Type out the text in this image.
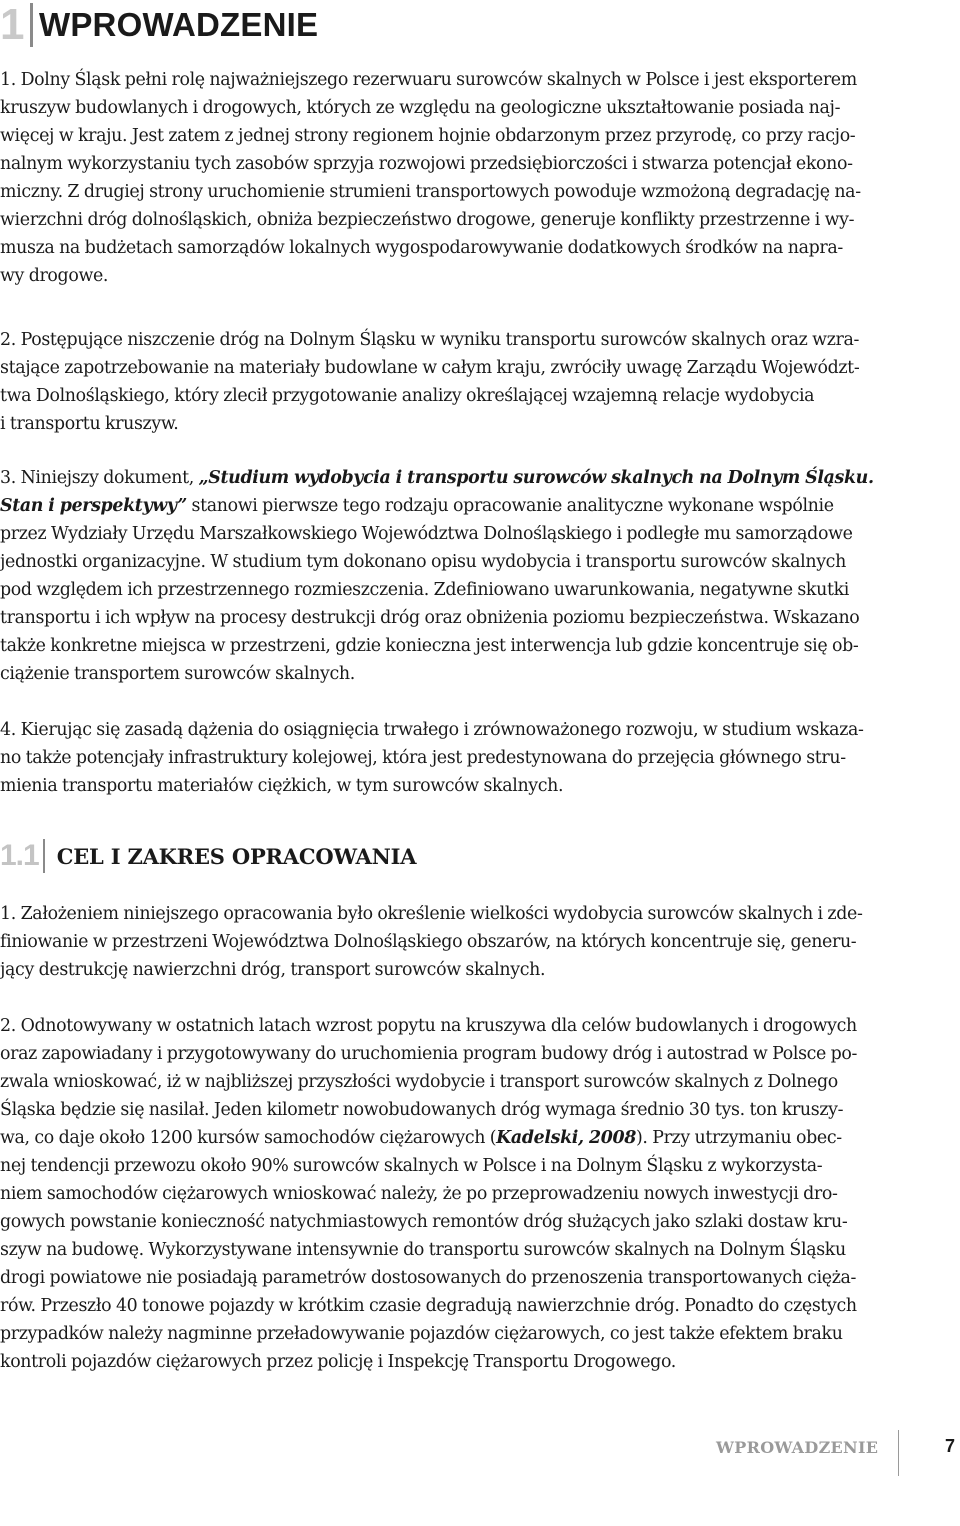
1 WPROWADZENIE
1. Dolny Śląsk pełni rolę najważniejszego rezerwuaru surowców skalnych w Polsce i jest eksporterem
kruszyw budowlanych i drogowych, których ze względu na geologiczne ukształtowanie posiada naj-
więcej w kraju. Jest zatem z jednej strony regionem hojnie obdarzonym przez przyrodę, co przy racjo-
nalnym wykorzystaniu tych zasobów sprzyja rozwojowi przedsiębiorczości i stwarza potencjał ekono-
miczny. Z drugiej strony uruchomienie strumieni transportowych powoduje wzmożoną degradację na-
wierzchni dróg dolnośląskich, obniża bezpieczeństwo drogowe, generuje konflikty przestrzenne i wy-
musza na budżetach samorządów lokalnych wygospodarowywanie dodatkowych środków na napra-
wy drogowe.
2. Postępujące niszczenie dróg na Dolnym Śląsku w wyniku transportu surowców skalnych oraz wzra-
stające zapotrzebowanie na materiały budowlane w całym kraju, zwróciły uwagę Zarządu Województ-
twa Dolnośląskiego, który zlecił przygotowanie analizy określającej wzajemną relacje wydobycia
i transportu kruszyw.
3. Niniejszy dokument, „Studium wydobycia i transportu surowców skalnych na Dolnym Śląsku.
Stan i perspektywy” stanowi pierwsze tego rodzaju opracowanie analityczne wykonane wspólnie
przez Wydziały Urzędu Marszałkowskiego Województwa Dolnośląskiego i podległe mu samorządowe
jednostki organizacyjne. W studium tym dokonano opisu wydobycia i transportu surowców skalnych
pod względem ich przestrzennego rozmieszczenia. Zdefiniowano uwarunkowania, negatywne skutki
transportu i ich wpływ na procesy destrukcji dróg oraz obniżenia poziomu bezpieczeństwa. Wskazano
także konkretne miejsca w przestrzeni, gdzie konieczna jest interwencja lub gdzie koncentruje się ob-
ciążenie transportem surowców skalnych.
4. Kierując się zasadą dążenia do osiągnięcia trwałego i zrównoważonego rozwoju, w studium wskaza-
no także potencjały infrastruktury kolejowej, która jest predestynowana do przejęcia głównego stru-
mienia transportu materiałów ciężkich, w tym surowców skalnych.
1.1 CEL I ZAKRES OPRACOWANIA
1. Założeniem niniejszego opracowania było określenie wielkości wydobycia surowców skalnych i zde-
finiowanie w przestrzeni Województwa Dolnośląskiego obszarów, na których koncentruje się, generu-
jący destrukcję nawierzchni dróg, transport surowców skalnych.
2. Odnotowywany w ostatnich latach wzrost popytu na kruszywa dla celów budowlanych i drogowych
oraz zapowiadany i przygotowywany do uruchomienia program budowy dróg i autostrad w Polsce po-
zwala wnioskować, iż w najbliższej przyszłości wydobycie i transport surowców skalnych z Dolnego
Śląska będzie się nasilał. Jeden kilometr nowobudowanych dróg wymaga średnio 30 tys. ton kruszy-
wa, co daje około 1200 kursów samochodów ciężarowych (Kadelski, 2008). Przy utrzymaniu obec-
nej tendencji przewozu około 90% surowców skalnych w Polsce i na Dolnym Śląsku z wykorzysta-
niem samochodów ciężarowych wnioskować należy, że po przeprowadzeniu nowych inwestycji dro-
gowych powstanie konieczność natychmiastowych remontów dróg służących jako szlaki dostaw kru-
szyw na budowę. Wykorzystywane intensywnie do transportu surowców skalnych na Dolnym Śląsku
drogi powiatowe nie posiadają parametrów dostosowanych do przenoszenia transportowanych cięża-
rów. Przeszło 40 tonowe pojazdy w krótkim czasie degradują nawierzchnie dróg. Ponadto do częstych
przypadków należy nagminne przeładowywanie pojazdów ciężarowych, co jest także efektem braku
kontroli pojazdów ciężarowych przez policję i Inspekcję Transportu Drogowego.
WPROWADZENIE	7
